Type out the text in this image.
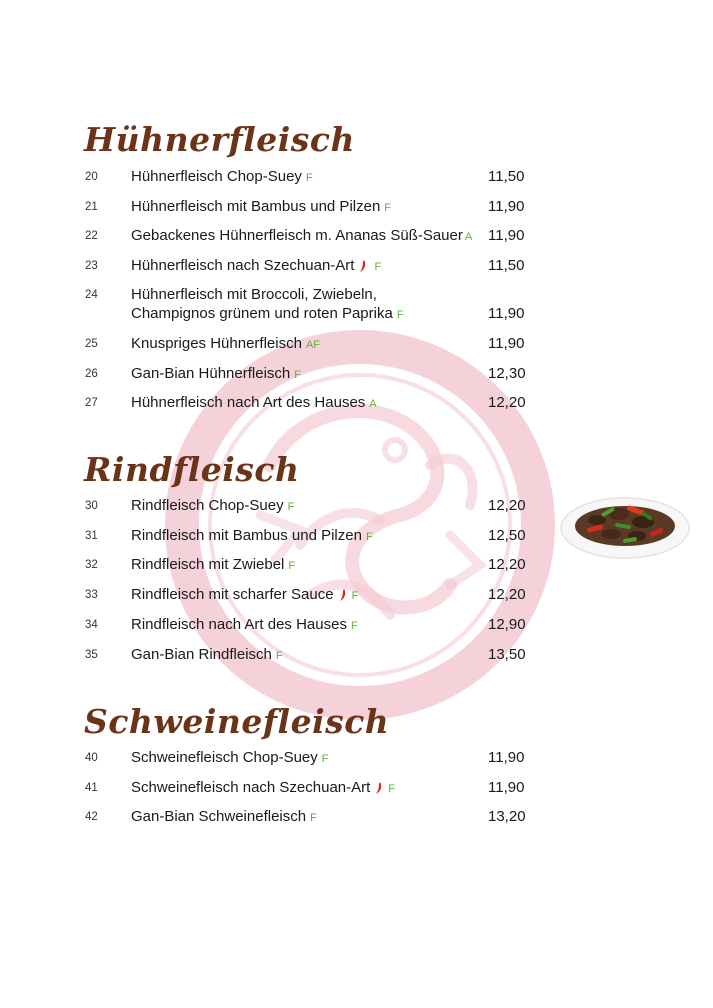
Hühnerfleisch
20 Hühnerfleisch Chop-Suey F	11,50
21 Hühnerfleisch mit Bambus und Pilzen F	11,90
22 Gebackenes Hühnerfleisch m. Ananas Süß-Sauer A 11,90
23 Hühnerfleisch nach Szechuan-Art F	11,50
24 Hühnerfleisch mit Broccoli, Zwiebeln,
Champignos grünem und roten Paprika F	11,90
25 Knuspriges Hühnerfleisch AF	11,90
26 Gan-Bian Hühnerfleisch F	12,30
27 Hühnerfleisch nach Art des Hauses A	12,20
Rindfleisch
30 Rindfleisch Chop-Suey F	12,20
31 Rindfleisch mit Bambus und Pilzen F	12,50
32 Rindfleisch mit Zwiebel F	12,20
33 Rindfleisch mit scharfer Sauce F	12,20
34 Rindfleisch nach Art des Hauses F	12,90
35 Gan-Bian Rindfleisch F	13,50
Schweinefleisch
40 Schweinefleisch Chop-Suey F	11,90
41 Schweinefleisch nach Szechuan-Art F	11,90
42 Gan-Bian Schweinefleisch F	13,20
